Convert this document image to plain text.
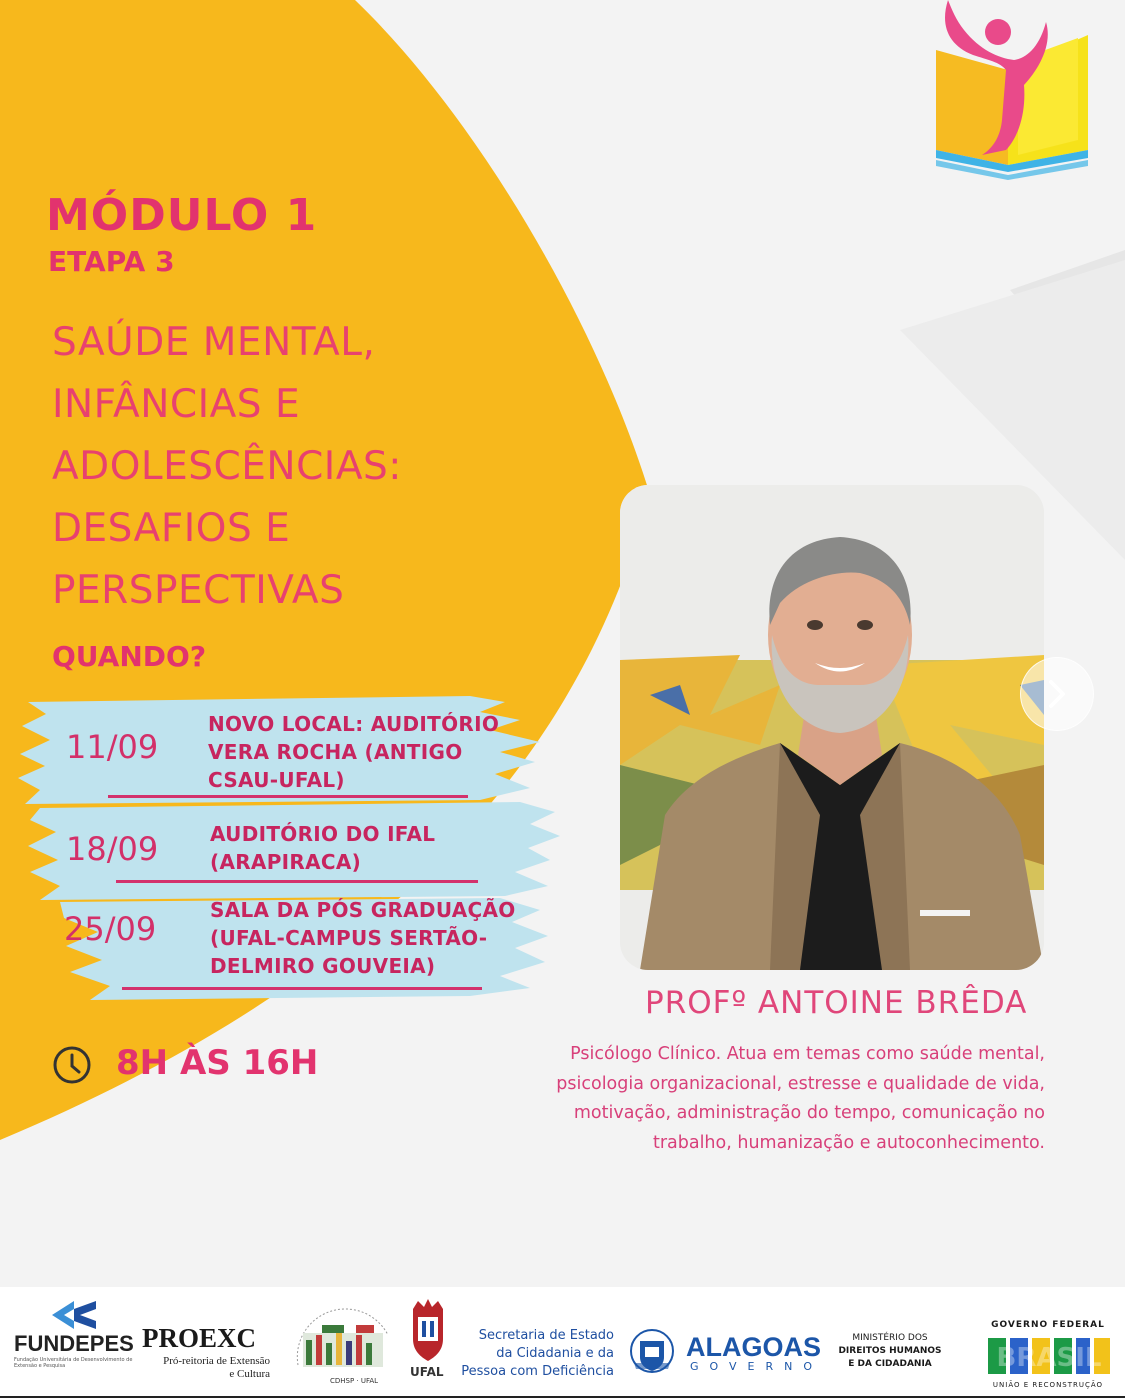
MÓDULO 1

ETAPA 3

SAÚDE MENTAL,
INFÂNCIAS E
ADOLESCÊNCIAS:
DESAFIOS E
PERSPECTIVAS

QUANDO?

11/09
NOVO LOCAL: AUDITÓRIO
VERA ROCHA (ANTIGO
CSAU-UFAL)
18/09	AUDITÓRIO DO IFAL
(ARAPIRACA)
25/09	SALA DA PÓS GRADUAÇÃO
(UFAL-CAMPUS SERTÃO-
DELMIRO GOUVEIA)

8H ÀS 16H

PROFº ANTOINE BRÊDA

Psicólogo Clínico. Atua em temas como saúde mental,
psicologia organizacional, estresse e qualidade de vida,
motivação, administração do tempo, comunicação no
trabalho, humanização e autoconhecimento.
FUNDEPES
Fundação Universitária de Desenvolvimento de Extensão e Pesquisa
PROEXC
Pró-reitoria de Extensão
e Cultura
CDHSP · UFAL
UFAL
Secretaria de Estado
da Cidadania e da
Pessoa com Deficiência
ALAGOAS
GOVERNO
MINISTÉRIO DOS
DIREITOS HUMANOS
E DA CIDADANIA
GOVERNO FEDERAL
BRASIL
UNIÃO E RECONSTRUÇÃO
